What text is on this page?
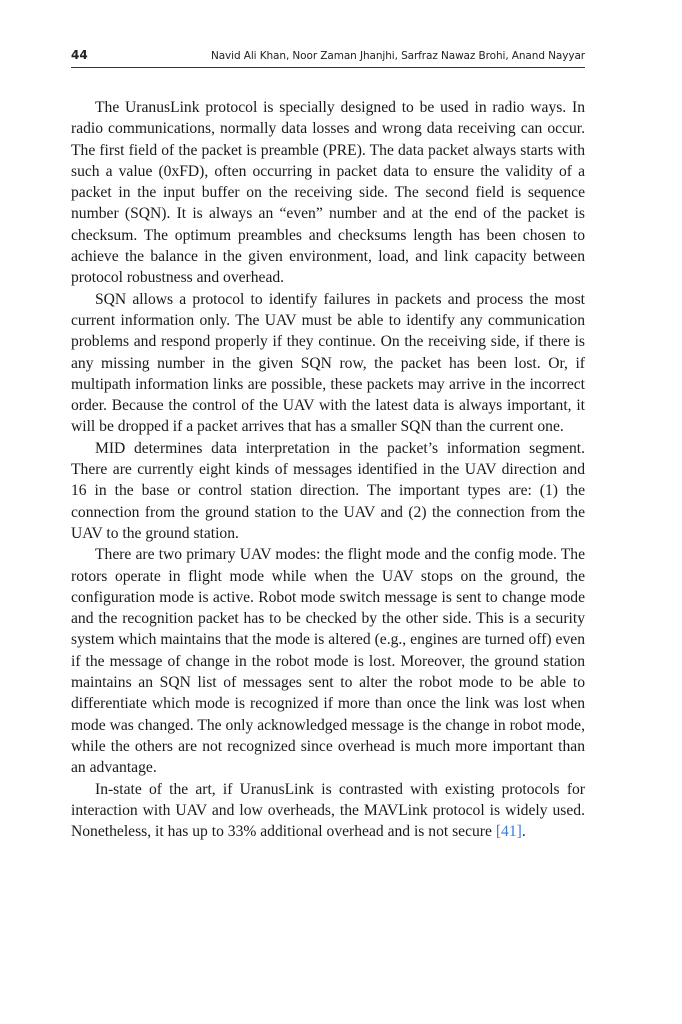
44	Navid Ali Khan, Noor Zaman Jhanjhi, Sarfraz Nawaz Brohi, Anand Nayyar

The UranusLink protocol is specially designed to be used in radio ways. In radio communications, normally data losses and wrong data receiving can occur. The first field of the packet is preamble (PRE). The data packet always starts with such a value (0xFD), often occurring in packet data to ensure the validity of a packet in the input buffer on the receiving side. The second field is sequence number (SQN). It is always an “even” number and at the end of the packet is checksum. The optimum preambles and checksums length has been chosen to achieve the balance in the given environment, load, and link capacity between protocol robustness and overhead.

SQN allows a protocol to identify failures in packets and process the most current information only. The UAV must be able to identify any communication problems and respond properly if they continue. On the receiving side, if there is any missing number in the given SQN row, the packet has been lost. Or, if multipath information links are possible, these packets may arrive in the incorrect order. Because the control of the UAV with the latest data is always important, it will be dropped if a packet arrives that has a smaller SQN than the current one.

MID determines data interpretation in the packet’s information segment. There are currently eight kinds of messages identified in the UAV direction and 16 in the base or control station direction. The important types are: (1) the connection from the ground station to the UAV and (2) the connection from the UAV to the ground station.

There are two primary UAV modes: the flight mode and the config mode. The rotors operate in flight mode while when the UAV stops on the ground, the configuration mode is active. Robot mode switch message is sent to change mode and the recognition packet has to be checked by the other side. This is a security system which maintains that the mode is altered (e.g., engines are turned off) even if the message of change in the robot mode is lost. Moreover, the ground station maintains an SQN list of messages sent to alter the robot mode to be able to differentiate which mode is recognized if more than once the link was lost when mode was changed. The only acknowledged message is the change in robot mode, while the others are not recognized since overhead is much more important than an advantage.

In-state of the art, if UranusLink is contrasted with existing protocols for interaction with UAV and low overheads, the MAVLink protocol is widely used. Nonetheless, it has up to 33% additional overhead and is not secure [41].
